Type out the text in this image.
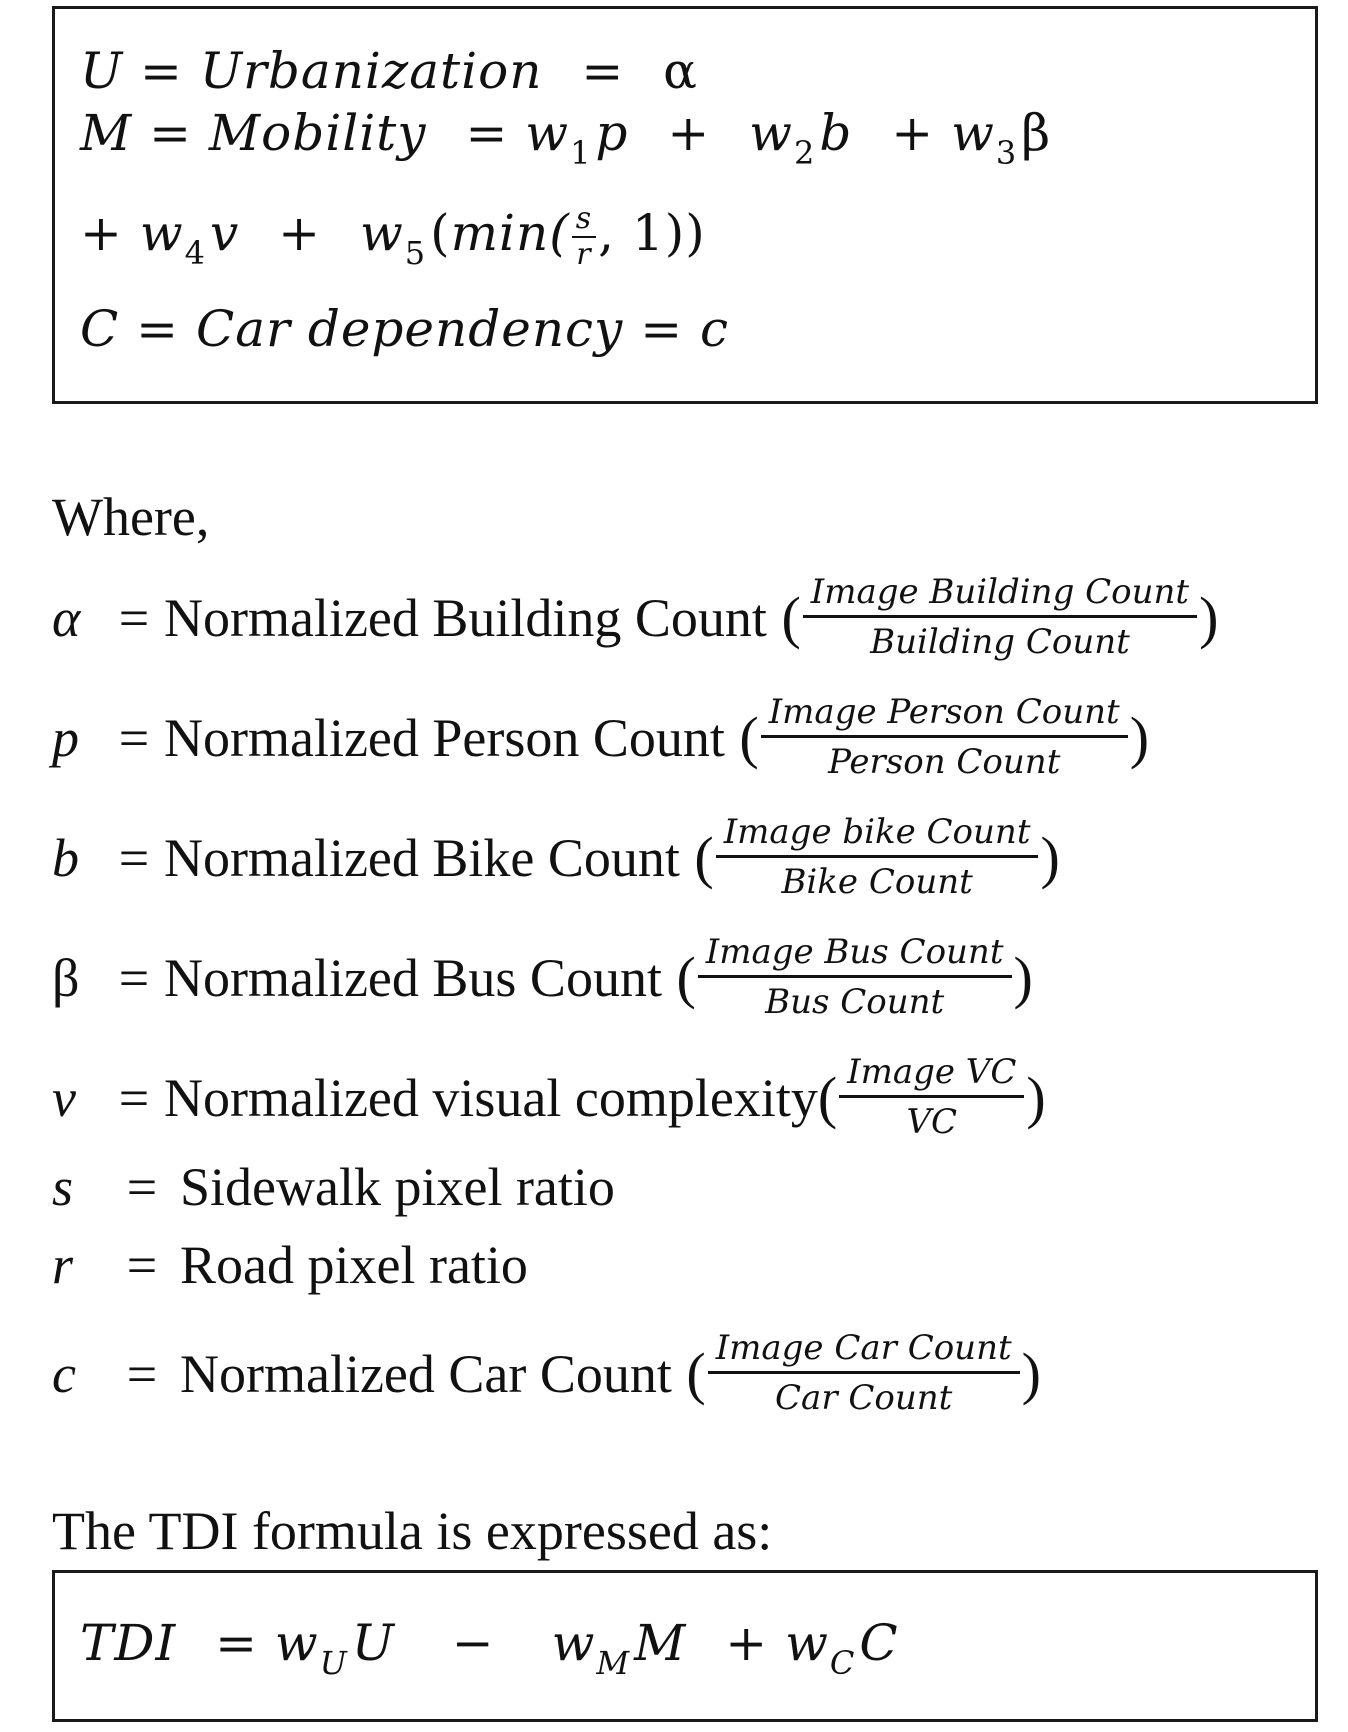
U = Urbanization = α
M = Mobility = $w_1p + w_2b + w_3\beta$
+ $w_4v + w_5(\min( \frac{s}{r}$ , 1))
C = Car dependency = c
Where,
α = Normalized Building Count ( $\frac{\text{Image Building Count}}{\text{Building Count}}$ )
p = Normalized Person Count ( $\frac{\text{Image Person Count}}{\text{Person Count}}$ )
b = Normalized Bike Count ( $\frac{\text{Image bike Count}}{\text{Bike Count}}$ )
β = Normalized Bus Count ( $\frac{\text{Image Bus Count}}{\text{Bus Count}}$ )
v = Normalized visual complexity ( $\frac{\text{Image VC}}{VC}$ )
s = Sidewalk pixel ratio
r = Road pixel ratio
c = Normalized Car Count ( $\frac{\text{Image Car Count}}{\text{Car Count}}$ )
The TDI formula is expressed as:
TDI = $w_UU - w_MM + w_CC$
